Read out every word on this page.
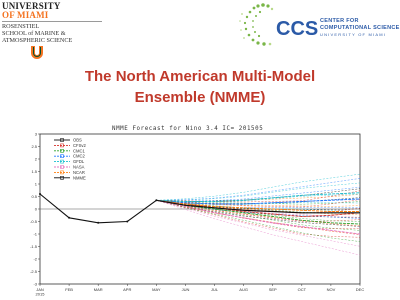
UNIVERSITY
OF MIAMI
ROSENSTIEL
SCHOOL of MARINE &
ATMOSPHERIC SCIENCE
CCS CENTER FOR
COMPUTATIONAL SCIENCE
UNIVERSITY OF MIAMI
The North American Multi-Model
Ensemble (NMME)
3
2.5
2
1.5
1
0.5
0
-0.5
-1
-1.5
-2
-2.5
-3
JAN
2015
FEB	MAR	APR	MAY	JUN	JUL	AUG	SEP	OCT	NOV	DEC
OBS
CFSv2
CMC1
CMC2
GFDL
NASA
NCAR
NMME
NMME Forecast for Nino 3.4 IC= 201505
